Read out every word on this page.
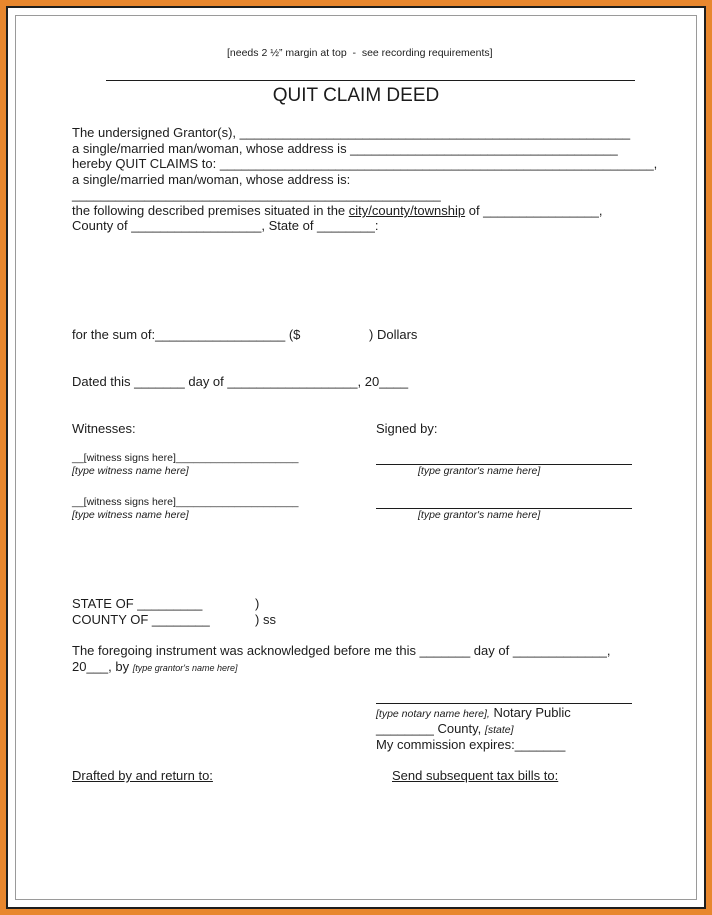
[needs 2 ½” margin at top  -  see recording requirements]
QUIT CLAIM DEED
The undersigned Grantor(s), ______________________________________________________
a single/married man/woman, whose address is _____________________________________
hereby QUIT CLAIMS to: ____________________________________________________________,
a single/married man/woman, whose address is:
___________________________________________________
the following described premises situated in the city/county/township of ________________,
County of __________________, State of ________:
for the sum of:__________________ ($                   ) Dollars
Dated this _______ day of __________________, 20____
Witnesses:	Signed by:
__[witness signs here]_____________________
[type witness name here]	[type grantor's name here]
__[witness signs here]_____________________
[type witness name here]	[type grantor's name here]
STATE OF _________	)
COUNTY OF ________	) ss
The foregoing instrument was acknowledged before me this _______ day of _____________,
20___, by [type grantor's name here]
[type notary name here], Notary Public
________ County, [state]
My commission expires:_______
Drafted by and return to:	Send subsequent tax bills to:
